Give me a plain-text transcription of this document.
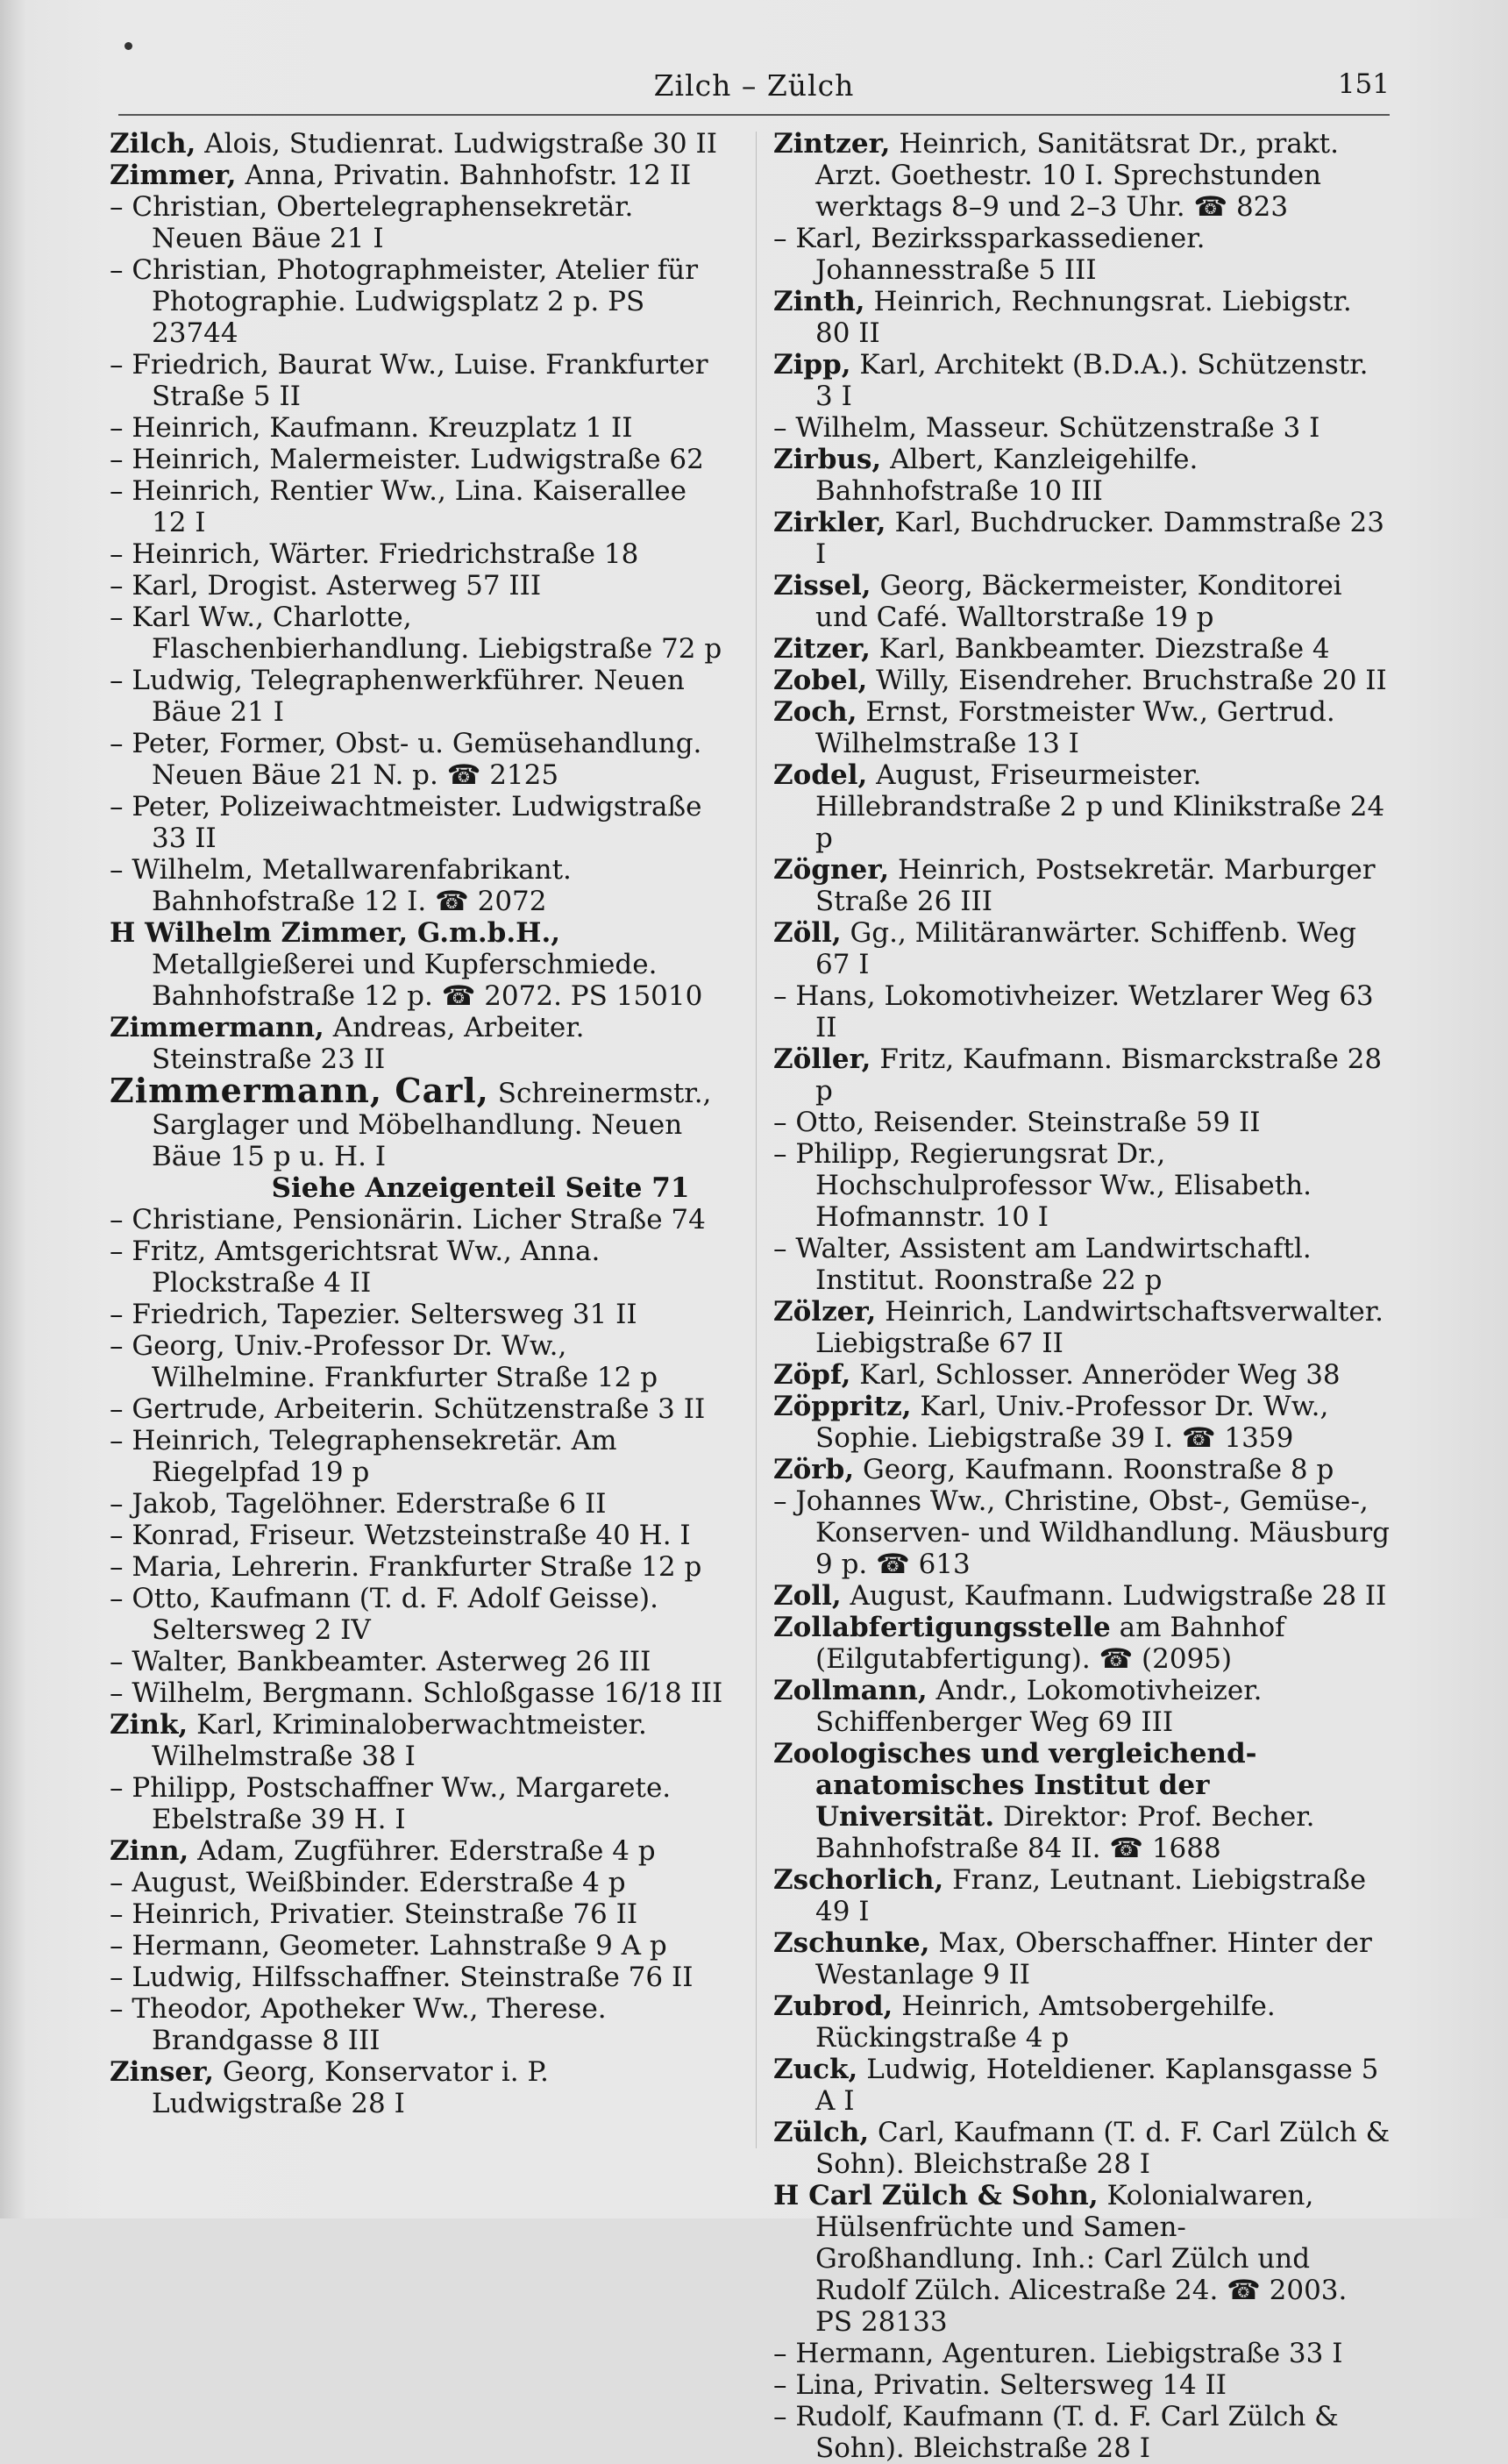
Zilch – Zülch	151

Zilch, Alois, Studienrat. Ludwigstraße 30 II

Zimmer, Anna, Privatin. Bahnhofstr. 12 II

– Christian, Obertelegraphensekretär. Neuen Bäue 21 I

– Christian, Photographmeister, Atelier für Photographie. Ludwigsplatz 2 p. PS 23744

– Friedrich, Baurat Ww., Luise. Frankfurter Straße 5 II

– Heinrich, Kaufmann. Kreuzplatz 1 II

– Heinrich, Malermeister. Ludwigstraße 62

– Heinrich, Rentier Ww., Lina. Kaiserallee 12 I

– Heinrich, Wärter. Friedrichstraße 18

– Karl, Drogist. Asterweg 57 III

– Karl Ww., Charlotte, Flaschenbierhandlung. Liebigstraße 72 p

– Ludwig, Telegraphenwerkführer. Neuen Bäue 21 I

– Peter, Former, Obst- u. Gemüsehandlung. Neuen Bäue 21 N. p. ☎ 2125

– Peter, Polizeiwachtmeister. Ludwigstraße 33 II

– Wilhelm, Metallwarenfabrikant. Bahnhofstraße 12 I. ☎ 2072

H Wilhelm Zimmer, G.m.b.H., Metallgießerei und Kupferschmiede. Bahnhofstraße 12 p. ☎ 2072. PS 15010

Zimmermann, Andreas, Arbeiter. Steinstraße 23 II

Zimmermann, Carl, Schreinermstr., Sarglager und Möbelhandlung. Neuen Bäue 15 p u. H. I

Siehe Anzeigenteil Seite 71

– Christiane, Pensionärin. Licher Straße 74

– Fritz, Amtsgerichtsrat Ww., Anna. Plockstraße 4 II

– Friedrich, Tapezier. Seltersweg 31 II

– Georg, Univ.-Professor Dr. Ww., Wilhelmine. Frankfurter Straße 12 p

– Gertrude, Arbeiterin. Schützenstraße 3 II

– Heinrich, Telegraphensekretär. Am Riegelpfad 19 p

– Jakob, Tagelöhner. Ederstraße 6 II

– Konrad, Friseur. Wetzsteinstraße 40 H. I

– Maria, Lehrerin. Frankfurter Straße 12 p

– Otto, Kaufmann (T. d. F. Adolf Geisse). Seltersweg 2 IV

– Walter, Bankbeamter. Asterweg 26 III

– Wilhelm, Bergmann. Schloßgasse 16/18 III

Zink, Karl, Kriminaloberwachtmeister. Wilhelmstraße 38 I

– Philipp, Postschaffner Ww., Margarete. Ebelstraße 39 H. I

Zinn, Adam, Zugführer. Ederstraße 4 p

– August, Weißbinder. Ederstraße 4 p

– Heinrich, Privatier. Steinstraße 76 II

– Hermann, Geometer. Lahnstraße 9 A p

– Ludwig, Hilfsschaffner. Steinstraße 76 II

– Theodor, Apotheker Ww., Therese. Brandgasse 8 III

Zinser, Georg, Konservator i. P. Ludwigstraße 28 I

Zintzer, Heinrich, Sanitätsrat Dr., prakt. Arzt. Goethestr. 10 I. Sprechstunden werktags 8–9 und 2–3 Uhr. ☎ 823

– Karl, Bezirkssparkassediener. Johannesstraße 5 III

Zinth, Heinrich, Rechnungsrat. Liebigstr. 80 II

Zipp, Karl, Architekt (B.D.A.). Schützenstr. 3 I

– Wilhelm, Masseur. Schützenstraße 3 I

Zirbus, Albert, Kanzleigehilfe. Bahnhofstraße 10 III

Zirkler, Karl, Buchdrucker. Dammstraße 23 I

Zissel, Georg, Bäckermeister, Konditorei und Café. Walltorstraße 19 p

Zitzer, Karl, Bankbeamter. Diezstraße 4

Zobel, Willy, Eisendreher. Bruchstraße 20 II

Zoch, Ernst, Forstmeister Ww., Gertrud. Wilhelmstraße 13 I

Zodel, August, Friseurmeister. Hillebrandstraße 2 p und Klinikstraße 24 p

Zögner, Heinrich, Postsekretär. Marburger Straße 26 III

Zöll, Gg., Militäranwärter. Schiffenb. Weg 67 I

– Hans, Lokomotivheizer. Wetzlarer Weg 63 II

Zöller, Fritz, Kaufmann. Bismarckstraße 28 p

– Otto, Reisender. Steinstraße 59 II

– Philipp, Regierungsrat Dr., Hochschulprofessor Ww., Elisabeth. Hofmannstr. 10 I

– Walter, Assistent am Landwirtschaftl. Institut. Roonstraße 22 p

Zölzer, Heinrich, Landwirtschaftsverwalter. Liebigstraße 67 II

Zöpf, Karl, Schlosser. Anneröder Weg 38

Zöppritz, Karl, Univ.-Professor Dr. Ww., Sophie. Liebigstraße 39 I. ☎ 1359

Zörb, Georg, Kaufmann. Roonstraße 8 p

– Johannes Ww., Christine, Obst-, Gemüse-, Konserven- und Wildhandlung. Mäusburg 9 p. ☎ 613

Zoll, August, Kaufmann. Ludwigstraße 28 II

Zollabfertigungsstelle am Bahnhof (Eilgutabfertigung). ☎ (2095)

Zollmann, Andr., Lokomotivheizer. Schiffenberger Weg 69 III

Zoologisches und vergleichend-anatomisches Institut der Universität. Direktor: Prof. Becher. Bahnhofstraße 84 II. ☎ 1688

Zschorlich, Franz, Leutnant. Liebigstraße 49 I

Zschunke, Max, Oberschaffner. Hinter der Westanlage 9 II

Zubrod, Heinrich, Amtsobergehilfe. Rückingstraße 4 p

Zuck, Ludwig, Hoteldiener. Kaplansgasse 5 A I

Zülch, Carl, Kaufmann (T. d. F. Carl Zülch & Sohn). Bleichstraße 28 I

H Carl Zülch & Sohn, Kolonialwaren, Hülsenfrüchte und Samen-Großhandlung. Inh.: Carl Zülch und Rudolf Zülch. Alicestraße 24. ☎ 2003. PS 28133

– Hermann, Agenturen. Liebigstraße 33 I

– Lina, Privatin. Seltersweg 14 II

– Rudolf, Kaufmann (T. d. F. Carl Zülch & Sohn). Bleichstraße 28 I
